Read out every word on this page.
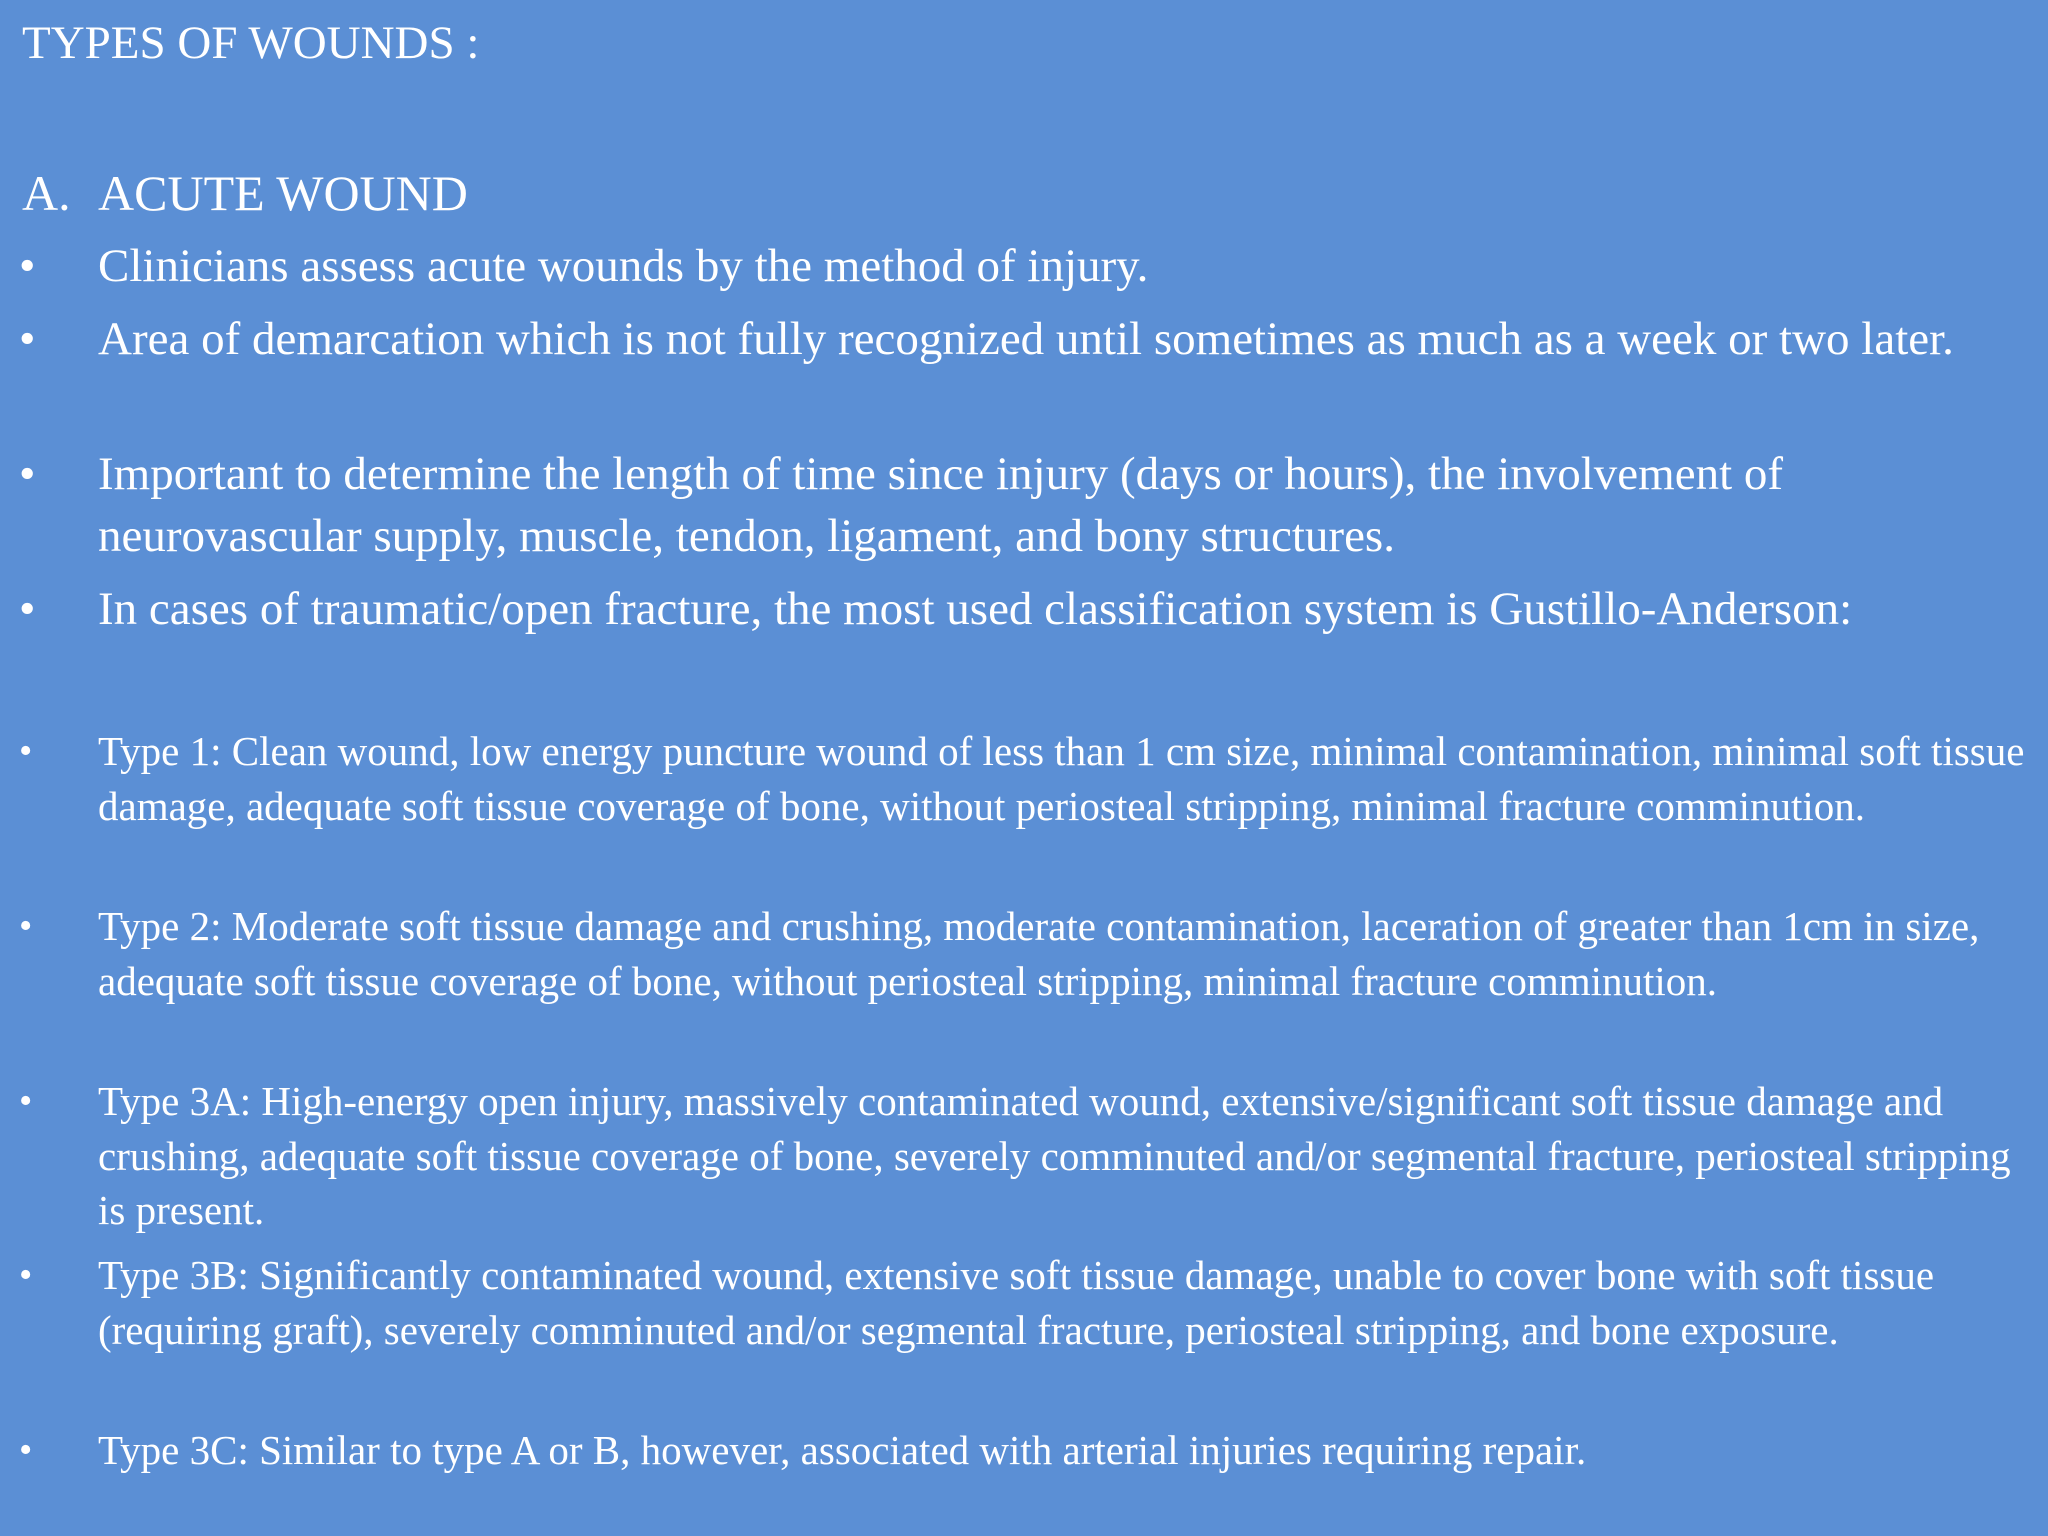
TYPES OF WOUNDS :
A. ACUTE WOUND
• Clinicians assess acute wounds by the method of injury.
• Area of demarcation which is not fully recognized until sometimes as much as a week or two later.
• Important to determine the length of time since injury (days or hours), the involvement of neurovascular supply, muscle, tendon, ligament, and bony structures.
• In cases of traumatic/open fracture, the most used classification system is Gustillo-Anderson:
• Type 1: Clean wound, low energy puncture wound of less than 1 cm size, minimal contamination, minimal soft tissue damage, adequate soft tissue coverage of bone, without periosteal stripping, minimal fracture comminution.
• Type 2: Moderate soft tissue damage and crushing, moderate contamination, laceration of greater than 1cm in size, adequate soft tissue coverage of bone, without periosteal stripping, minimal fracture comminution.
• Type 3A: High-energy open injury, massively contaminated wound, extensive/significant soft tissue damage and crushing, adequate soft tissue coverage of bone, severely comminuted and/or segmental fracture, periosteal stripping is present.
• Type 3B: Significantly contaminated wound, extensive soft tissue damage, unable to cover bone with soft tissue (requiring graft), severely comminuted and/or segmental fracture, periosteal stripping, and bone exposure.
• Type 3C: Similar to type A or B, however, associated with arterial injuries requiring repair.
